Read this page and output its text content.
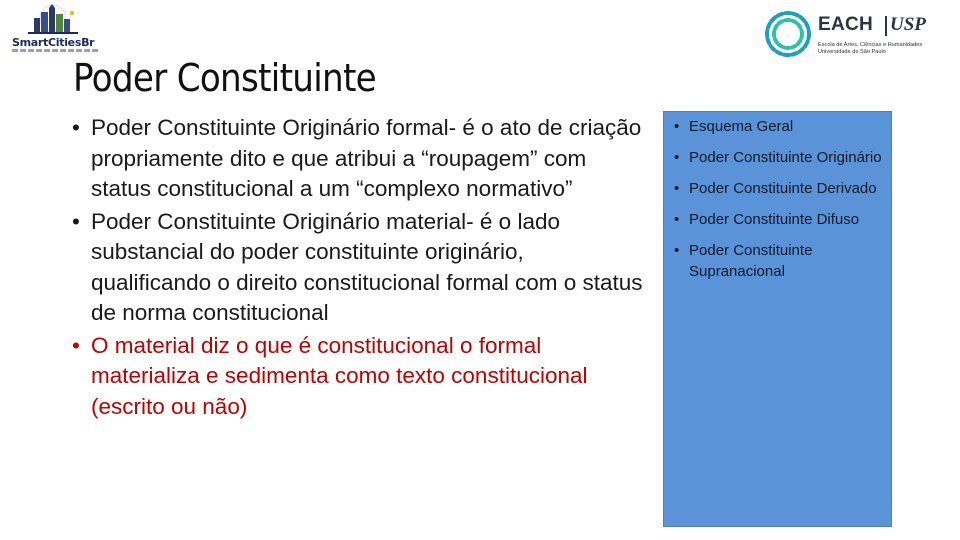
SmartCitiesBr
EACH USP
Escola de Artes, Ciências e Humanidades
Universidade de São Paulo
Poder Constituinte
• Poder Constituinte Originário formal- é o ato de criação propriamente dito e que atribui a “roupagem” com status constitucional a um “complexo normativo”
• Poder Constituinte Originário material- é o lado substancial do poder constituinte originário, qualificando o direito constitucional formal com o status de norma constitucional
• O material diz o que é constitucional o formal materializa e sedimenta como texto constitucional (escrito ou não)
• Esquema Geral
• Poder Constituinte Originário
• Poder Constituinte Derivado
• Poder Constituinte Difuso
• Poder Constituinte Supranacional
